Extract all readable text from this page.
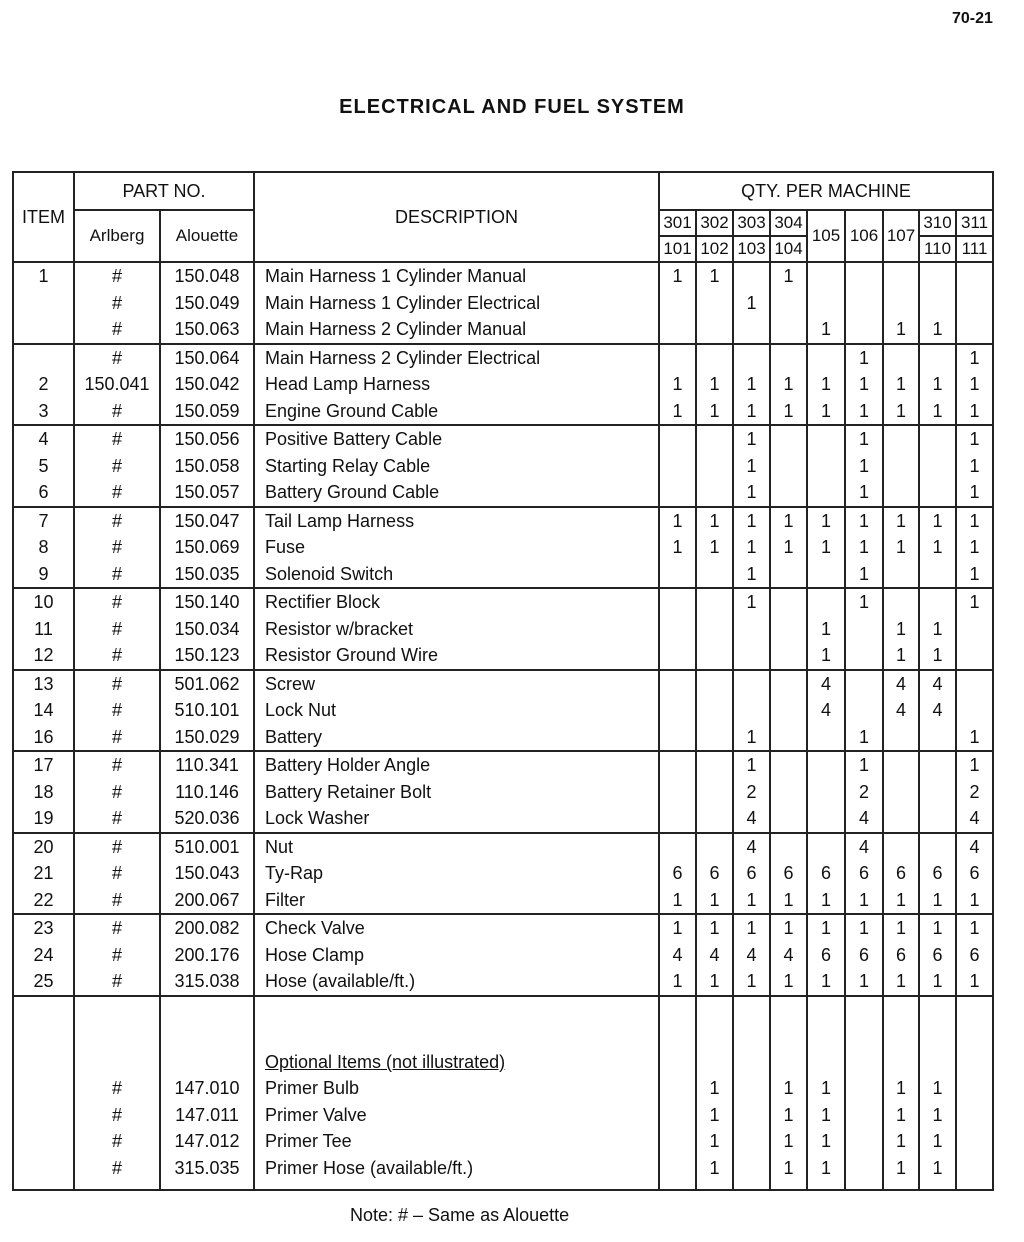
70-21
ELECTRICAL AND FUEL SYSTEM
ITEM	PART NO.		DESCRIPTION	QTY. PER MACHINE								
	Arlberg	Alouette		301	302	303	304	105	106	107	310	311
				101	102	103	104				110	111
1	#	150.048	Main Harness 1 Cylinder Manual	1	1		1					
	#	150.049	Main Harness 1 Cylinder Electrical			1						
	#	150.063	Main Harness 2 Cylinder Manual					1		1	1	
	#	150.064	Main Harness 2 Cylinder Electrical						1			1
2	150.041	150.042	Head Lamp Harness	1	1	1	1	1	1	1	1	1
3	#	150.059	Engine Ground Cable	1	1	1	1	1	1	1	1	1
4	#	150.056	Positive Battery Cable			1			1			1
5	#	150.058	Starting Relay Cable			1			1			1
6	#	150.057	Battery Ground Cable			1			1			1
7	#	150.047	Tail Lamp Harness	1	1	1	1	1	1	1	1	1
8	#	150.069	Fuse	1	1	1	1	1	1	1	1	1
9	#	150.035	Solenoid Switch			1			1			1
10	#	150.140	Rectifier Block			1			1			1
11	#	150.034	Resistor w/bracket					1		1	1	
12	#	150.123	Resistor Ground Wire					1		1	1	
13	#	501.062	Screw					4		4	4	
14	#	510.101	Lock Nut					4		4	4	
16	#	150.029	Battery			1			1			1
17	#	110.341	Battery Holder Angle			1			1			1
18	#	110.146	Battery Retainer Bolt			2			2			2
19	#	520.036	Lock Washer			4			4			4
20	#	510.001	Nut			4			4			4
21	#	150.043	Ty-Rap	6	6	6	6	6	6	6	6	6
22	#	200.067	Filter	1	1	1	1	1	1	1	1	1
23	#	200.082	Check Valve	1	1	1	1	1	1	1	1	1
24	#	200.176	Hose Clamp	4	4	4	4	6	6	6	6	6
25	#	315.038	Hose (available/ft.)	1	1	1	1	1	1	1	1	1

			Optional Items (not illustrated)									
	#	147.010	Primer Bulb		1		1	1		1	1	
	#	147.011	Primer Valve		1		1	1		1	1	
	#	147.012	Primer Tee		1		1	1		1	1	
	#	315.035	Primer Hose (available/ft.)		1		1	1		1	1	

Note: # – Same as Alouette
